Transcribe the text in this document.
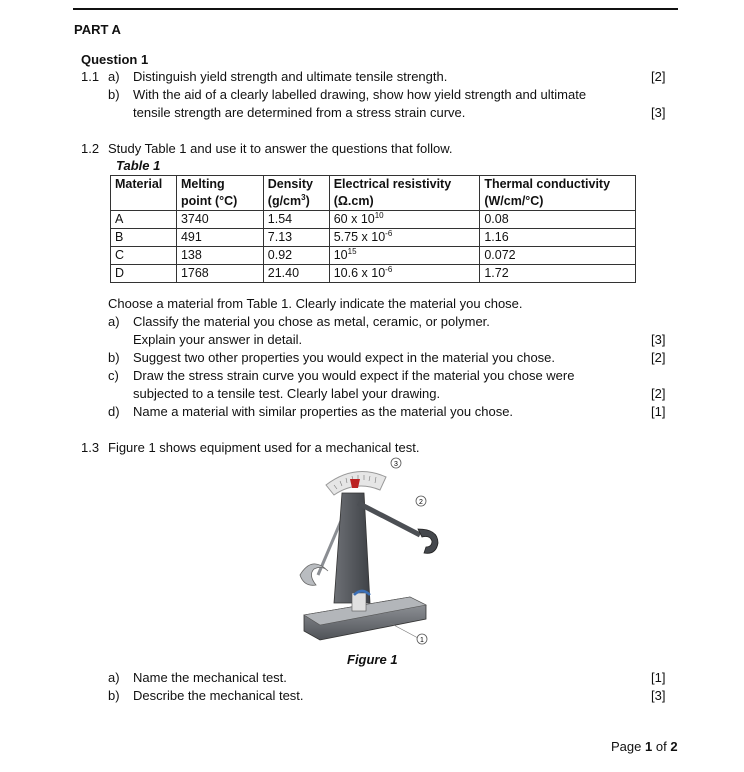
PART A
Question 1
1.1 a) Distinguish yield strength and ultimate tensile strength.	[2]
b) With the aid of a clearly labelled drawing, show how yield strength and ultimate
tensile strength are determined from a stress strain curve.	[3]
1.2 Study Table 1 and use it to answer the questions that follow.
Table 1
Material	Melting	Density	Electrical resistivity	Thermal conductivity
	point (°C)	$(g/cm^3)$	(Ω.cm)	(W/cm/°C)
A	3740	1.54	60 x $10^{10}$	0.08
B	491	7.13	5.75 x $10^{-6}$	1.16
C	138	0.92	$10^{15}$	0.072
D	1768	21.40	10.6 x $10^{-6}$	1.72
Choose a material from Table 1. Clearly indicate the material you chose.
a) Classify the material you chose as metal, ceramic, or polymer.
Explain your answer in detail.	[3]
b) Suggest two other properties you would expect in the material you chose.	[2]
c) Draw the stress strain curve you would expect if the material you chose were
subjected to a tensile test. Clearly label your drawing.	[2]
d) Name a material with similar properties as the material you chose.	[1]
1.3 Figure 1 shows equipment used for a mechanical test.
3
2
1
Figure 1
a) Name the mechanical test.	[1]
b) Describe the mechanical test.	[3]
Page 1 of 2
